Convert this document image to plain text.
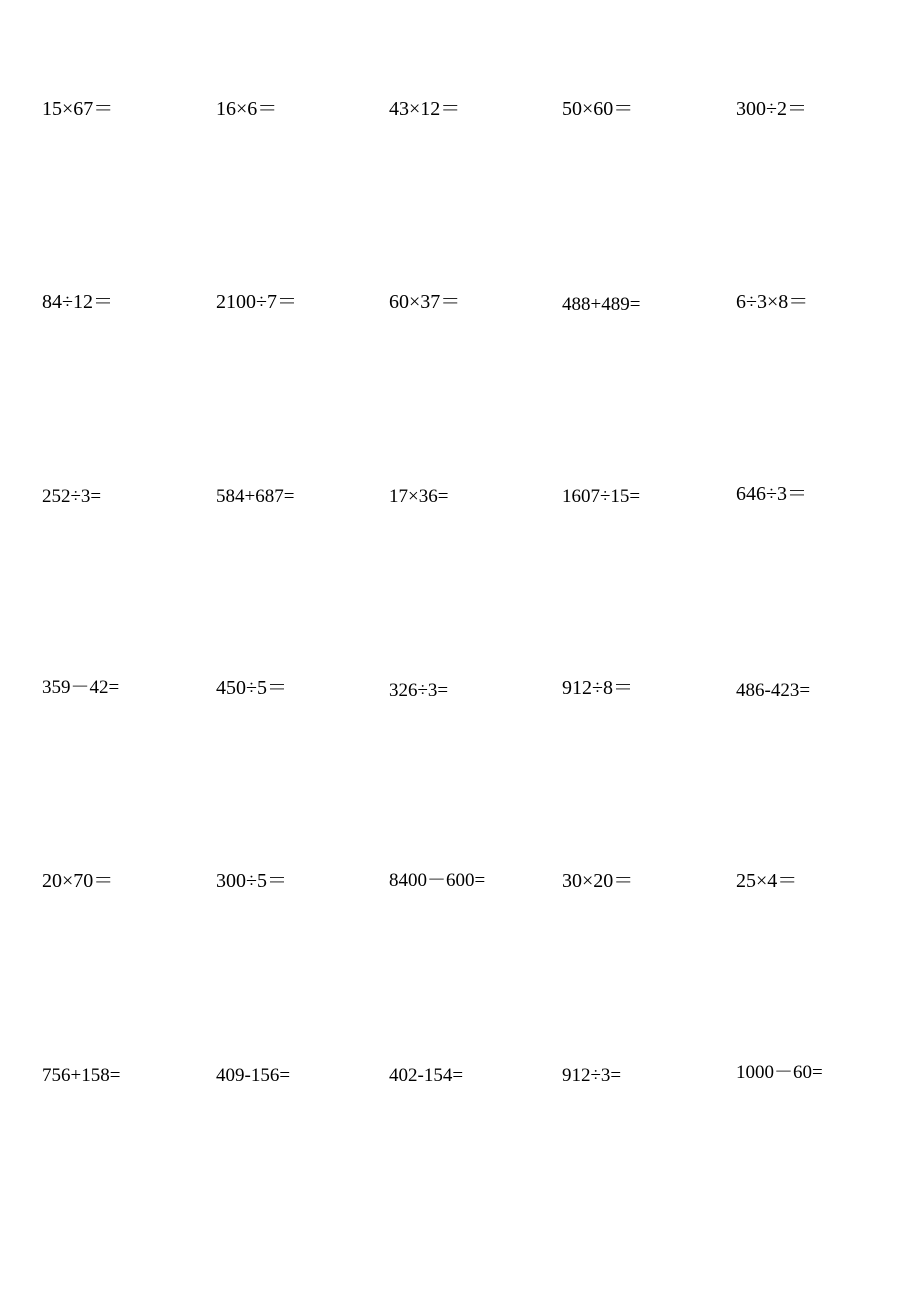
15×67＝	16×6＝	43×12＝	50×60＝	300÷2＝
84÷12＝	2100÷7＝	60×37＝	488+489=	6÷3×8＝
252÷3=	584+687=	17×36=	1607÷15=	646÷3＝
359－42=	450÷5＝	326÷3=	912÷8＝	486-423=
20×70＝	300÷5＝	8400－600=	30×20＝	25×4＝
756+158=	409-156=	402-154=	912÷3=	1000－60=
